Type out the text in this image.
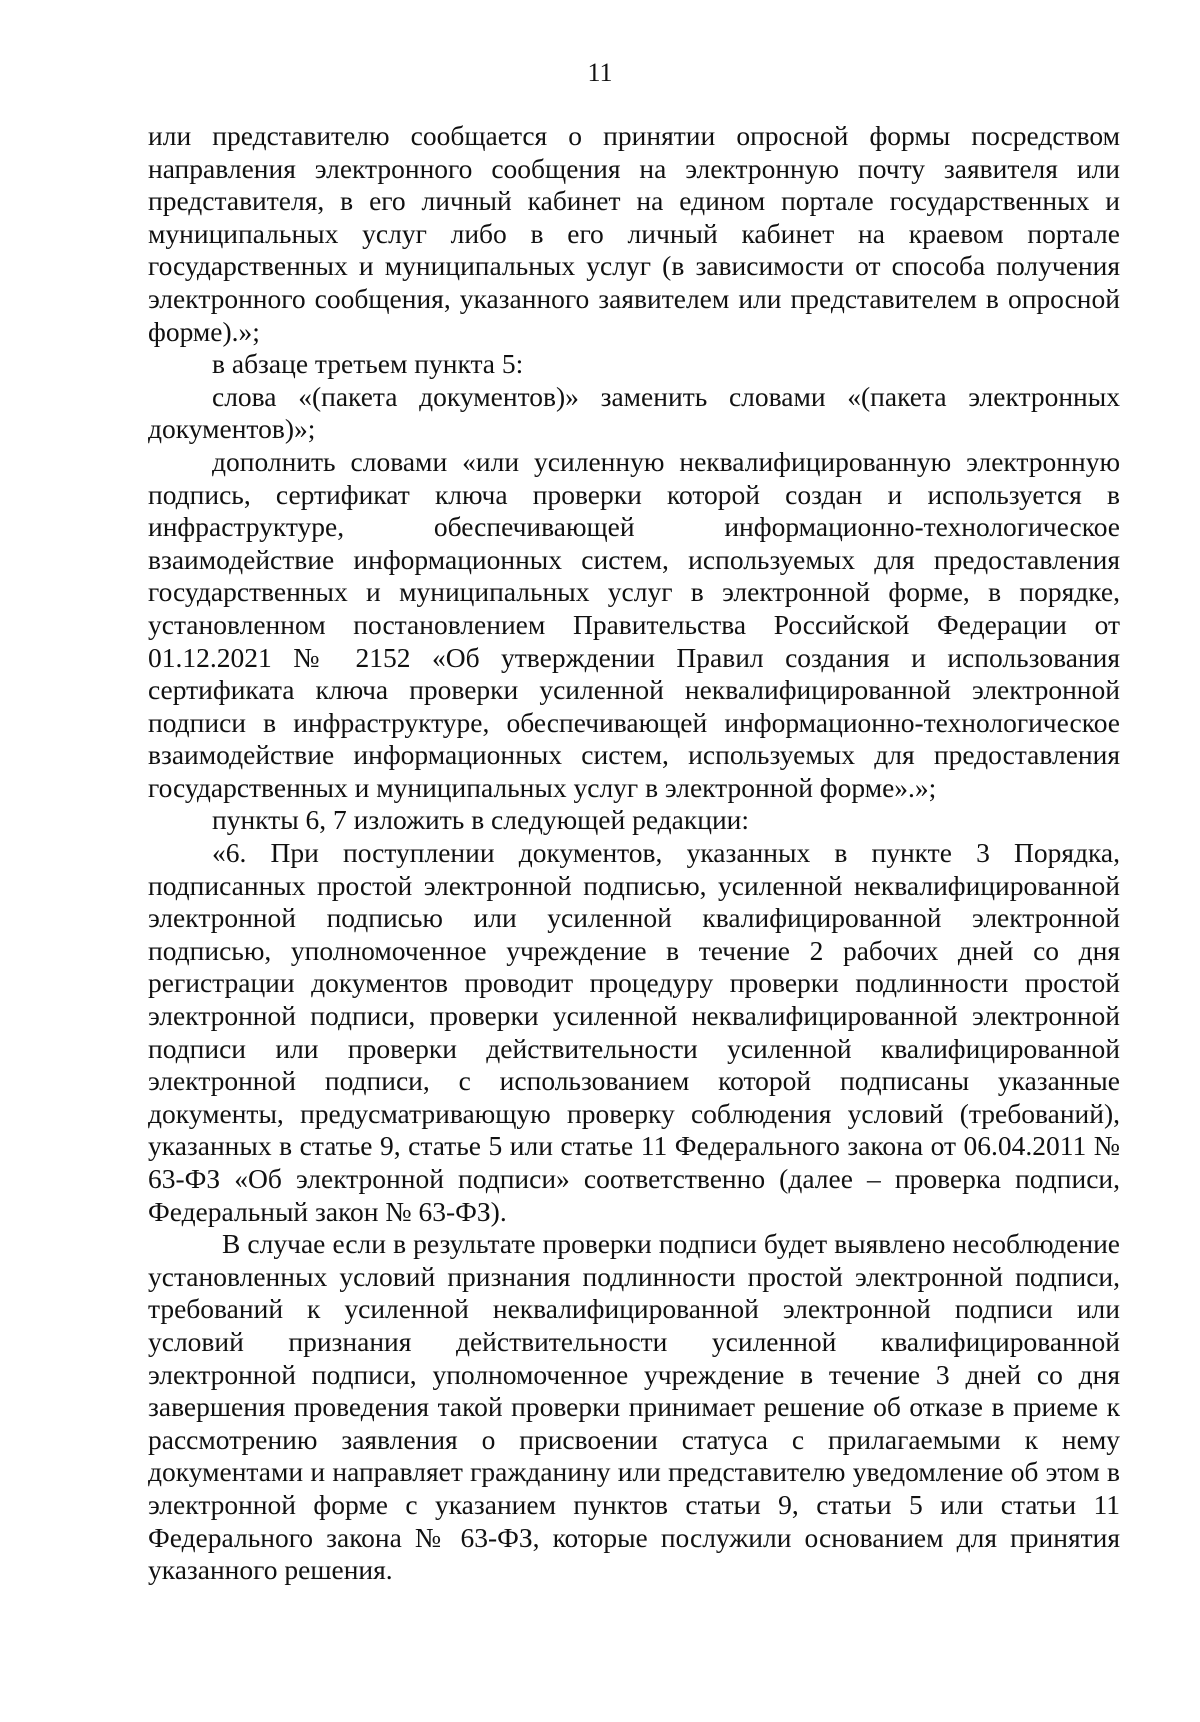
11

или представителю сообщается о принятии опросной формы посредством направления электронного сообщения на электронную почту заявителя или представителя, в его личный кабинет на едином портале государственных и муниципальных услуг либо в его личный кабинет на краевом портале государственных и муниципальных услуг (в зависимости от способа получения электронного сообщения, указанного заявителем или представителем в опросной форме).»;

в абзаце третьем пункта 5:

слова «(пакета документов)» заменить словами «(пакета электронных документов)»;

дополнить словами «или усиленную неквалифицированную электронную подпись, сертификат ключа проверки которой создан и используется в инфраструктуре, обеспечивающей информационно-технологическое взаимодействие информационных систем, используемых для предоставления государственных и муниципальных услуг в электронной форме, в порядке, установленном постановлением Правительства Российской Федерации от 01.12.2021 № 2152 «Об утверждении Правил создания и использования сертификата ключа проверки усиленной неквалифицированной электронной подписи в инфраструктуре, обеспечивающей информационно-технологическое взаимодействие информационных систем, используемых для предоставления государственных и муниципальных услуг в электронной форме».»;

пункты 6, 7 изложить в следующей редакции:

«6. При поступлении документов, указанных в пункте 3 Порядка, подписанных простой электронной подписью, усиленной неквалифицированной электронной подписью или усиленной квалифицированной электронной подписью, уполномоченное учреждение в течение 2 рабочих дней со дня регистрации документов проводит процедуру проверки подлинности простой электронной подписи, проверки усиленной неквалифицированной электронной подписи или проверки действительности усиленной квалифицированной электронной подписи, с использованием которой подписаны указанные документы, предусматривающую проверку соблюдения условий (требований), указанных в статье 9, статье 5 или статье 11 Федерального закона от 06.04.2011 № 63-ФЗ «Об электронной подписи» соответственно (далее – проверка подписи, Федеральный закон № 63-ФЗ).

В случае если в результате проверки подписи будет выявлено несоблюдение установленных условий признания подлинности простой электронной подписи, требований к усиленной неквалифицированной электронной подписи или условий признания действительности усиленной квалифицированной электронной подписи, уполномоченное учреждение в течение 3 дней со дня завершения проведения такой проверки принимает решение об отказе в приеме к рассмотрению заявления о присвоении статуса с прилагаемыми к нему документами и направляет гражданину или представителю уведомление об этом в электронной форме с указанием пунктов статьи 9, статьи 5 или статьи 11 Федерального закона № 63-ФЗ, которые послужили основанием для принятия указанного решения.
